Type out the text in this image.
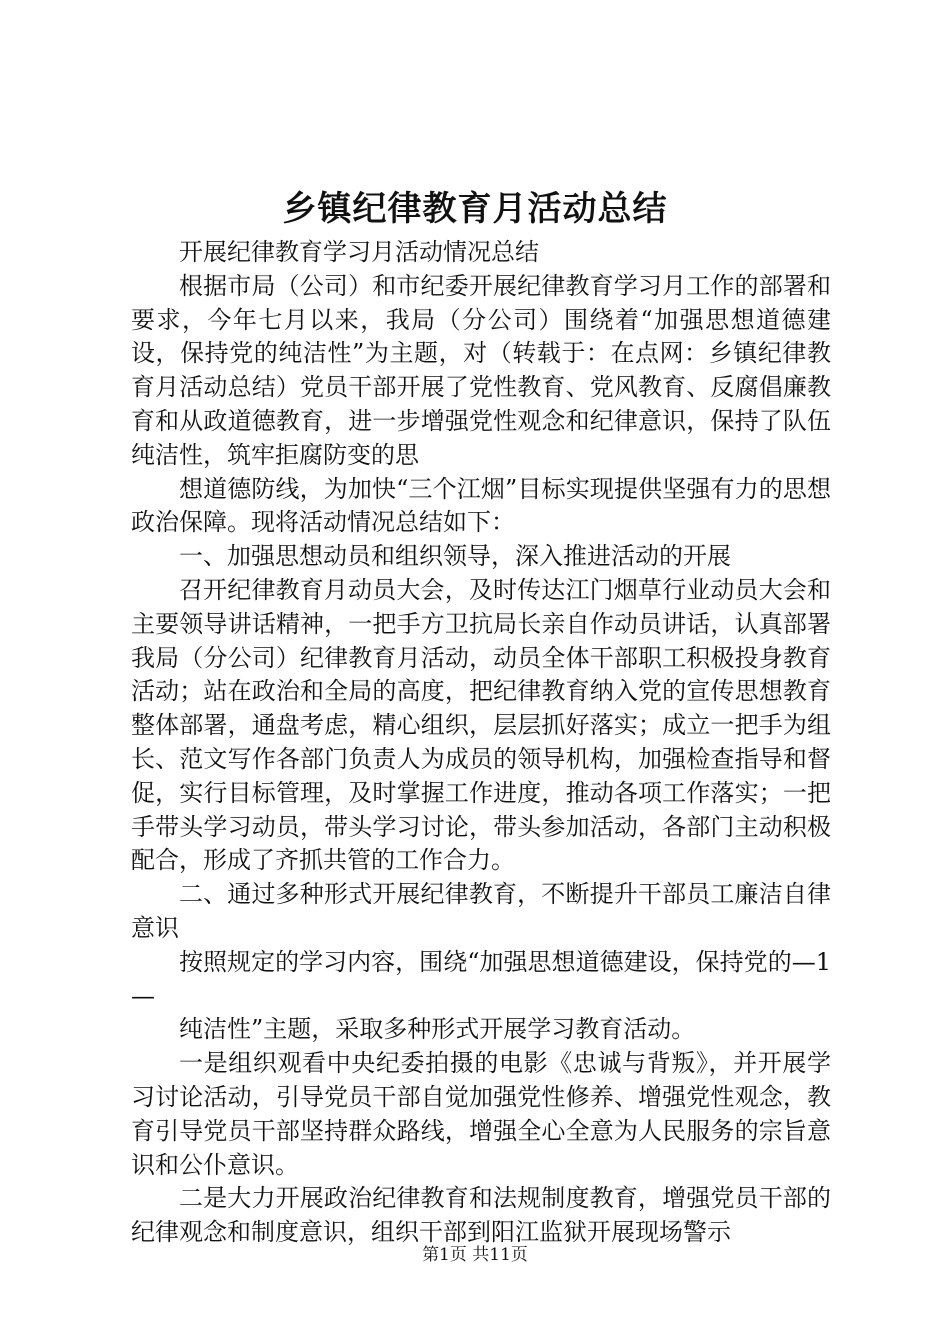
乡镇纪律教育月活动总结

开展纪律教育学习月活动情况总结

根据市局（公司）和市纪委开展纪律教育学习月工作的部署和要求，今年七月以来，我局（分公司）围绕着“加强思想道德建设，保持党的纯洁性”为主题，对（转载于：在点网：乡镇纪律教育月活动总结）党员干部开展了党性教育、党风教育、反腐倡廉教育和从政道德教育，进一步增强党性观念和纪律意识，保持了队伍纯洁性，筑牢拒腐防变的思

想道德防线，为加快“三个江烟”目标实现提供坚强有力的思想政治保障。现将活动情况总结如下：

一、加强思想动员和组织领导，深入推进活动的开展

召开纪律教育月动员大会，及时传达江门烟草行业动员大会和主要领导讲话精神，一把手方卫抗局长亲自作动员讲话，认真部署我局（分公司）纪律教育月活动，动员全体干部职工积极投身教育活动；站在政治和全局的高度，把纪律教育纳入党的宣传思想教育整体部署，通盘考虑，精心组织，层层抓好落实；成立一把手为组长、范文写作各部门负责人为成员的领导机构，加强检查指导和督促，实行目标管理，及时掌握工作进度，推动各项工作落实；一把手带头学习动员，带头学习讨论，带头参加活动，各部门主动积极配合，形成了齐抓共管的工作合力。

二、通过多种形式开展纪律教育，不断提升干部员工廉洁自律意识

按照规定的学习内容，围绕“加强思想道德建设，保持党的—1—

纯洁性”主题，采取多种形式开展学习教育活动。

一是组织观看中央纪委拍摄的电影《忠诚与背叛》，并开展学习讨论活动，引导党员干部自觉加强党性修养、增强党性观念，教育引导党员干部坚持群众路线，增强全心全意为人民服务的宗旨意识和公仆意识。

二是大力开展政治纪律教育和法规制度教育，增强党员干部的纪律观念和制度意识，组织干部到阳江监狱开展现场警示

第1页 共11页
